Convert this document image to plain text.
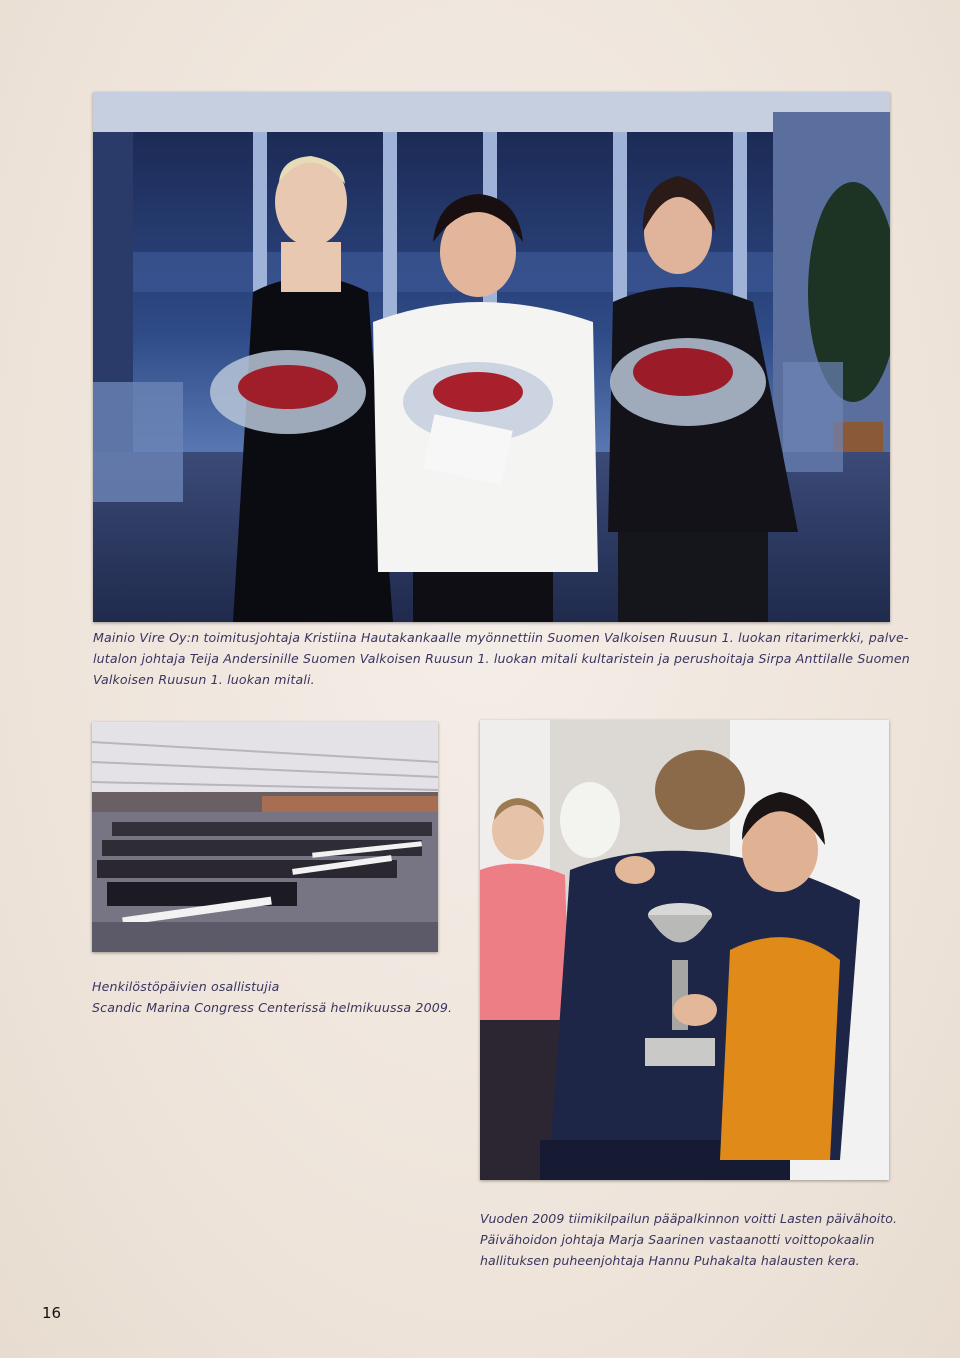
Mainio Vire Oy:n toimitusjohtaja Kristiina Hautakankaalle myönnettiin Suomen Valkoisen Ruusun 1. luokan ritarimerkki, palve-
lutalon johtaja Teija Andersinille Suomen Valkoisen Ruusun 1. luokan mitali kultaristein ja perushoitaja Sirpa Anttilalle Suomen
Valkoisen Ruusun 1. luokan mitali.
Henkilöstöpäivien osallistujia
Scandic Marina Congress Centerissä helmikuussa 2009.
Vuoden 2009 tiimikilpailun pääpalkinnon voitti Lasten päivähoito.
Päivähoidon johtaja Marja Saarinen vastaanotti voittopokaalin
hallituksen puheenjohtaja Hannu Puhakalta halausten kera.
16
